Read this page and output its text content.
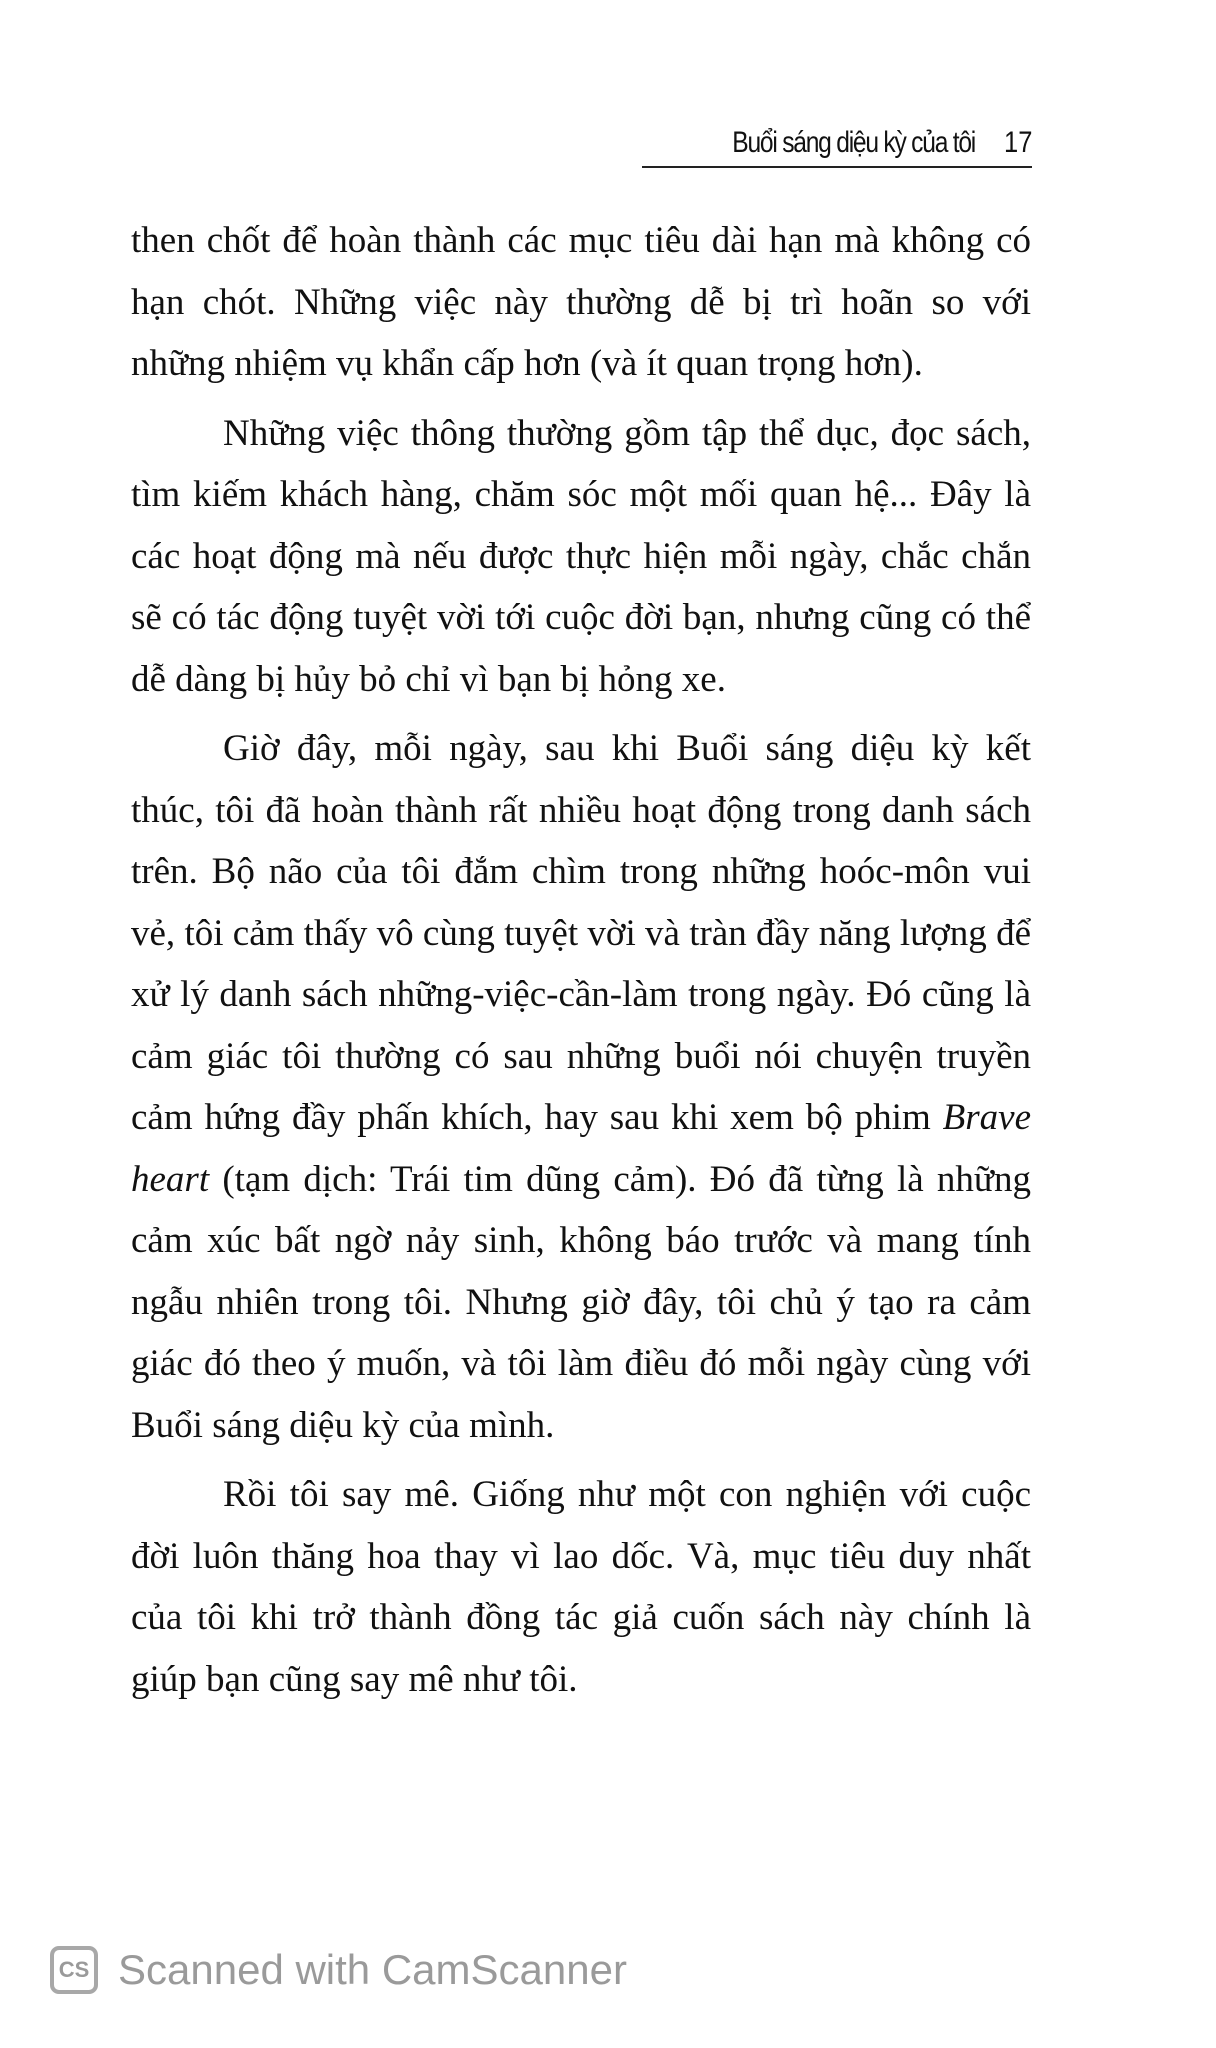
Buổi sáng diệu kỳ của tôi 17

then chốt để hoàn thành các mục tiêu dài hạn mà không có hạn chót. Những việc này thường dễ bị trì hoãn so với những nhiệm vụ khẩn cấp hơn (và ít quan trọng hơn).

Những việc thông thường gồm tập thể dục, đọc sách, tìm kiếm khách hàng, chăm sóc một mối quan hệ... Đây là các hoạt động mà nếu được thực hiện mỗi ngày, chắc chắn sẽ có tác động tuyệt vời tới cuộc đời bạn, nhưng cũng có thể dễ dàng bị hủy bỏ chỉ vì bạn bị hỏng xe.

Giờ đây, mỗi ngày, sau khi Buổi sáng diệu kỳ kết thúc, tôi đã hoàn thành rất nhiều hoạt động trong danh sách trên. Bộ não của tôi đắm chìm trong những hoóc-môn vui vẻ, tôi cảm thấy vô cùng tuyệt vời và tràn đầy năng lượng để xử lý danh sách những-việc-cần-làm trong ngày. Đó cũng là cảm giác tôi thường có sau những buổi nói chuyện truyền cảm hứng đầy phấn khích, hay sau khi xem bộ phim Brave heart (tạm dịch: Trái tim dũng cảm). Đó đã từng là những cảm xúc bất ngờ nảy sinh, không báo trước và mang tính ngẫu nhiên trong tôi. Nhưng giờ đây, tôi chủ ý tạo ra cảm giác đó theo ý muốn, và tôi làm điều đó mỗi ngày cùng với Buổi sáng diệu kỳ của mình.

Rồi tôi say mê. Giống như một con nghiện với cuộc đời luôn thăng hoa thay vì lao dốc. Và, mục tiêu duy nhất của tôi khi trở thành đồng tác giả cuốn sách này chính là giúp bạn cũng say mê như tôi.

CS Scanned with CamScanner
